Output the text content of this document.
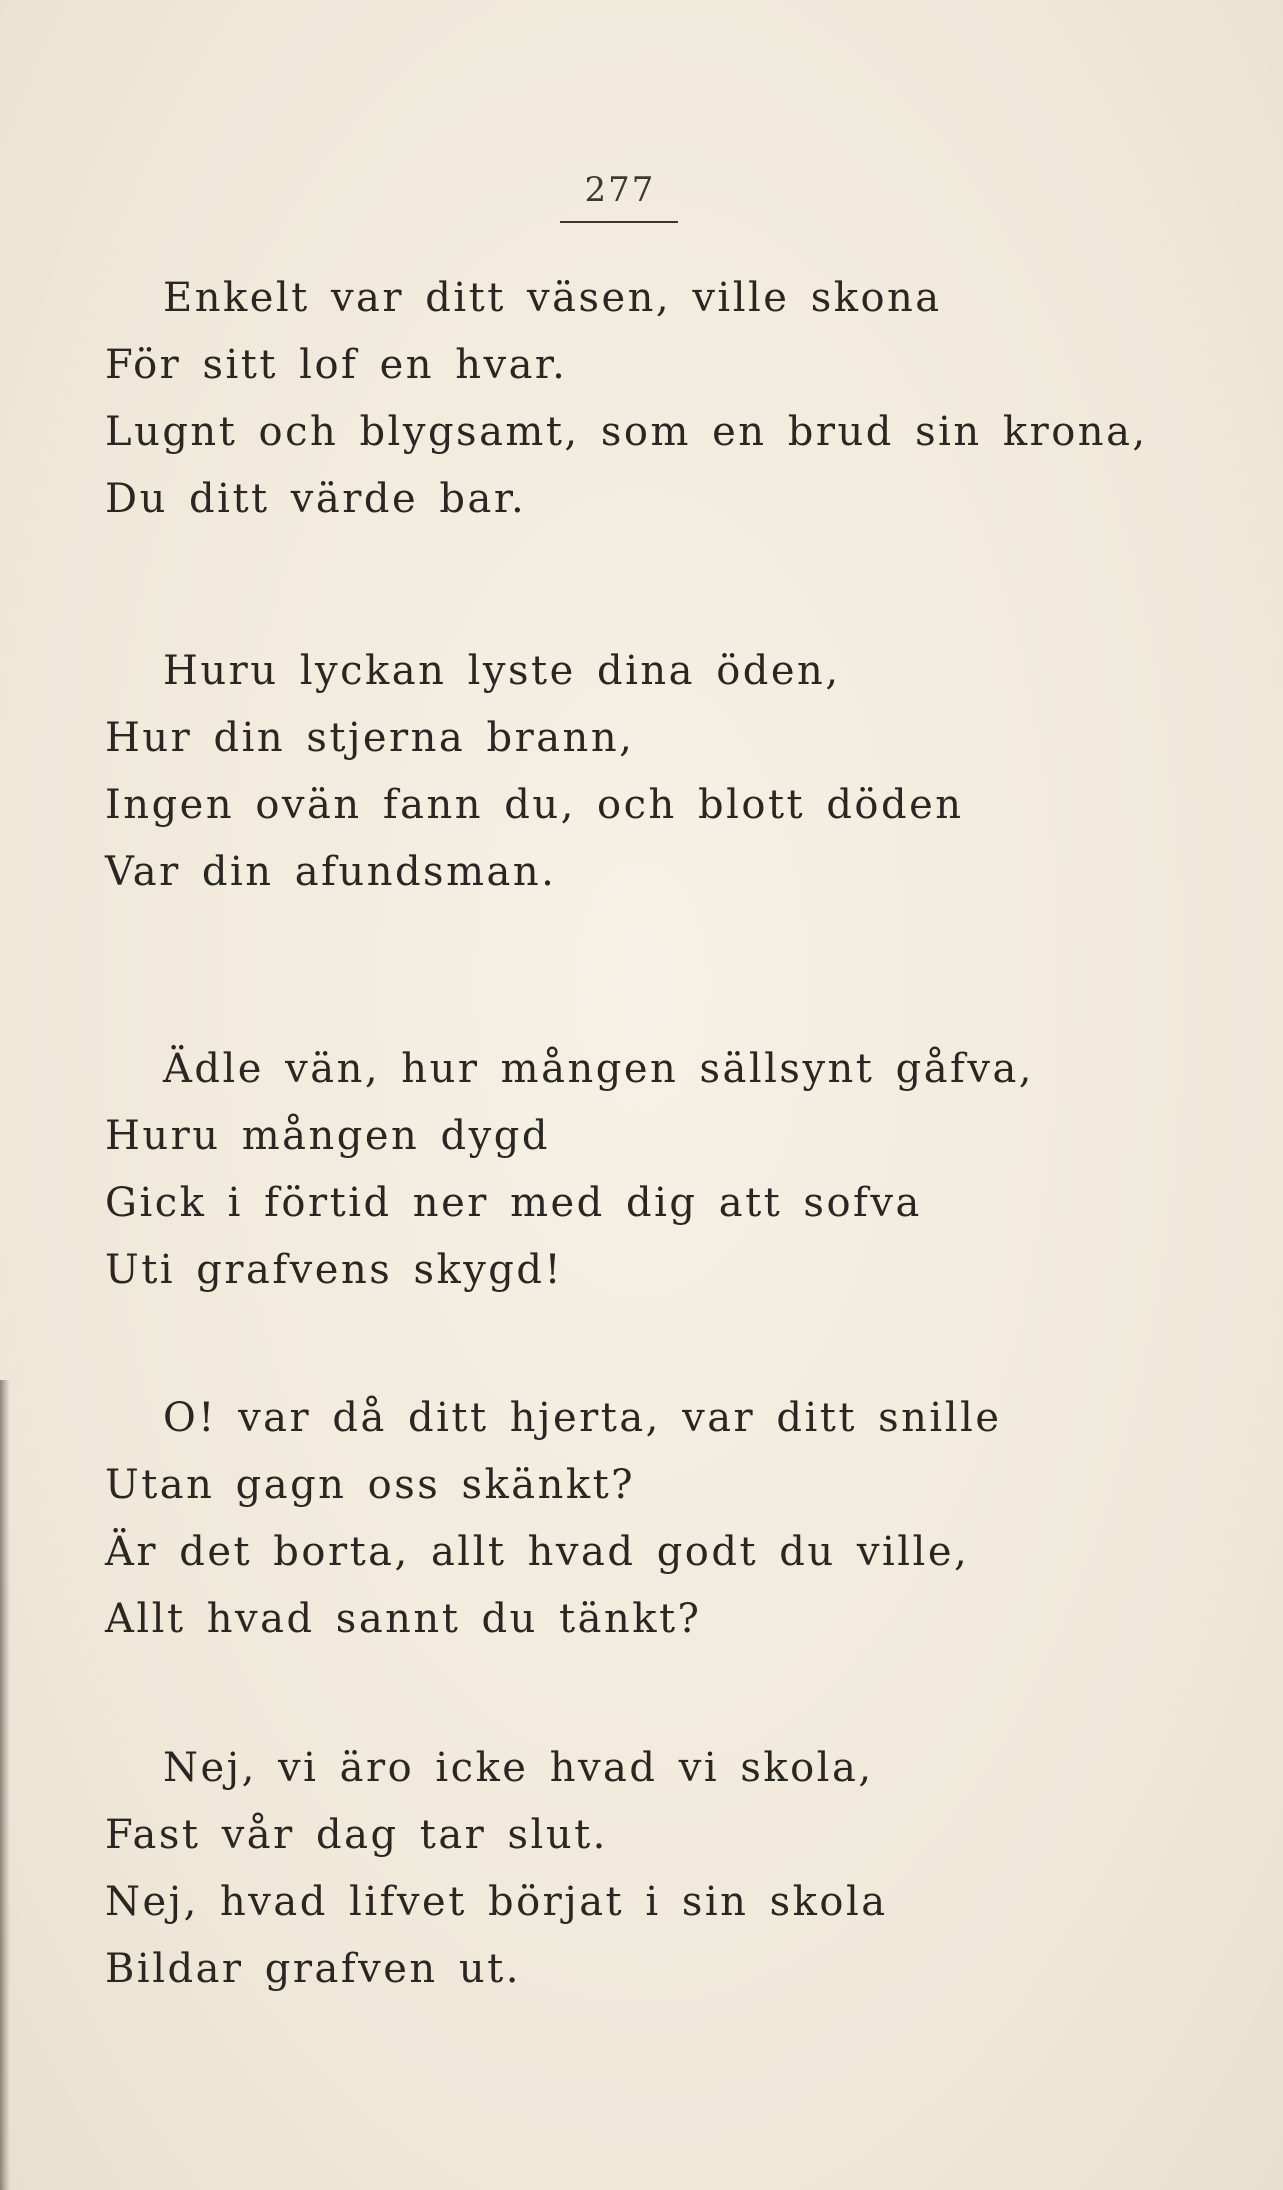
277
Enkelt var ditt väsen, ville skona
För sitt lof en hvar.
Lugnt och blygsamt, som en brud sin krona,
Du ditt värde bar.
Huru lyckan lyste dina öden,
Hur din stjerna brann,
Ingen ovän fann du, och blott döden
Var din afundsman.
Ädle vän, hur mången sällsynt gåfva,
Huru mången dygd
Gick i förtid ner med dig att sofva
Uti grafvens skygd!
O! var då ditt hjerta, var ditt snille
Utan gagn oss skänkt?
Är det borta, allt hvad godt du ville,
Allt hvad sannt du tänkt?
Nej, vi äro icke hvad vi skola,
Fast vår dag tar slut.
Nej, hvad lifvet börjat i sin skola
Bildar grafven ut.
